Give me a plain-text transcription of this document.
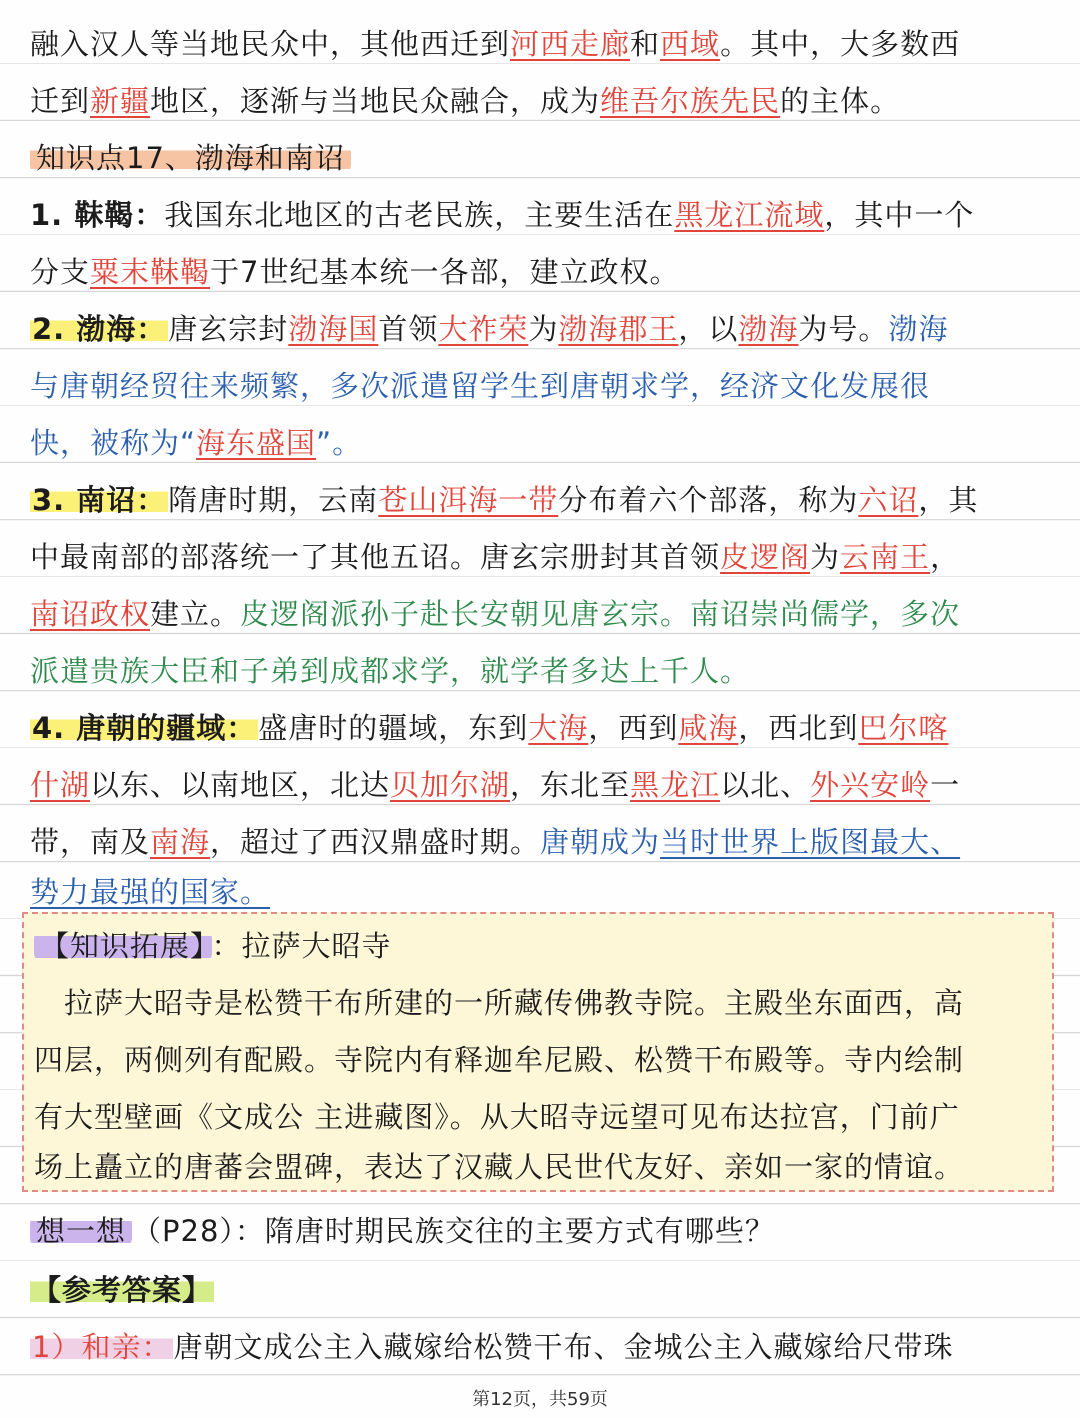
融入汉人等当地民众中，其他西迁到河西走廊和西域。其中，大多数西
迁到新疆地区，逐渐与当地民众融合，成为维吾尔族先民的主体。
知识点17、渤海和南诏
1. 靺鞨：我国东北地区的古老民族，主要生活在黑龙江流域，其中一个
分支粟末靺鞨于7世纪基本统一各部，建立政权。
2. 渤海：唐玄宗封渤海国首领大祚荣为渤海郡王，以渤海为号。渤海
与唐朝经贸往来频繁，多次派遣留学生到唐朝求学，经济文化发展很
快，被称为“海东盛国”。
3. 南诏：隋唐时期，云南苍山洱海一带分布着六个部落，称为六诏，其
中最南部的部落统一了其他五诏。唐玄宗册封其首领皮逻阁为云南王，
南诏政权建立。皮逻阁派孙子赴长安朝见唐玄宗。南诏崇尚儒学，多次
派遣贵族大臣和子弟到成都求学，就学者多达上千人。
4. 唐朝的疆域：盛唐时的疆域，东到大海，西到咸海，西北到巴尔喀
什湖以东、以南地区，北达贝加尔湖，东北至黑龙江以北、外兴安岭一
带，南及南海，超过了西汉鼎盛时期。唐朝成为当时世界上版图最大、
势力最强的国家。
【知识拓展】 ：拉萨大昭寺
　拉萨大昭寺是松赞干布所建的一所藏传佛教寺院。主殿坐东面西，高
四层，两侧列有配殿。寺院内有释迦牟尼殿、松赞干布殿等。寺内绘制
有大型壁画《文成公 主进藏图》。从大昭寺远望可见布达拉宫，门前广
场上矗立的唐蕃会盟碑，表达了汉藏人民世代友好、亲如一家的情谊。
想一想 （P28）：隋唐时期民族交往的主要方式有哪些？
【参考答案】
1）和亲：唐朝文成公主入藏嫁给松赞干布、金城公主入藏嫁给尺带珠
第12页，共59页
